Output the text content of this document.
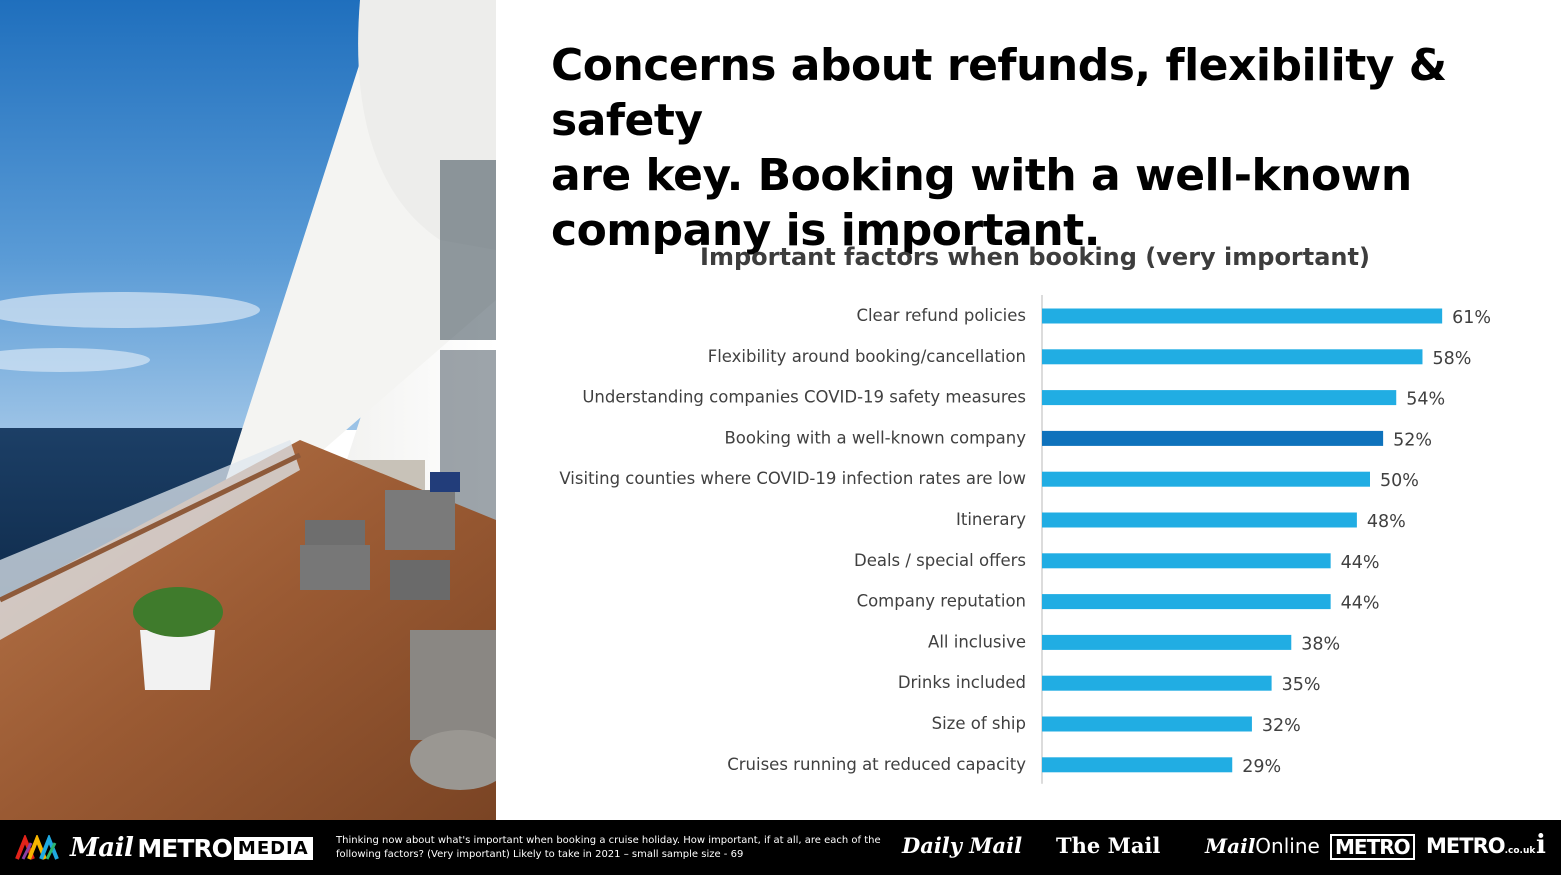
Concerns about refunds, flexibility & safety
are key. Booking with a well-known
company is important.
Important factors when booking (very important)
Clear refund policies	61%
Flexibility around booking/cancellation	58%
Understanding companies COVID-19 safety measures	54%
Booking with a well-known company	52%
Visiting counties where COVID-19 infection rates are low	50%
Itinerary	48%
Deals / special offers	44%
Company reputation	44%
All inclusive	38%
Drinks included	35%
Size of ship	32%
Cruises running at reduced capacity	29%
Mail METRO MEDIA	Thinking now about what's important when booking a cruise holiday. How important, if at all, are each of the following factors? (Very important) Likely to take in 2021 – small sample size - 69	Daily Mail The Mail MailOnline METRO METRO.co.uk i
